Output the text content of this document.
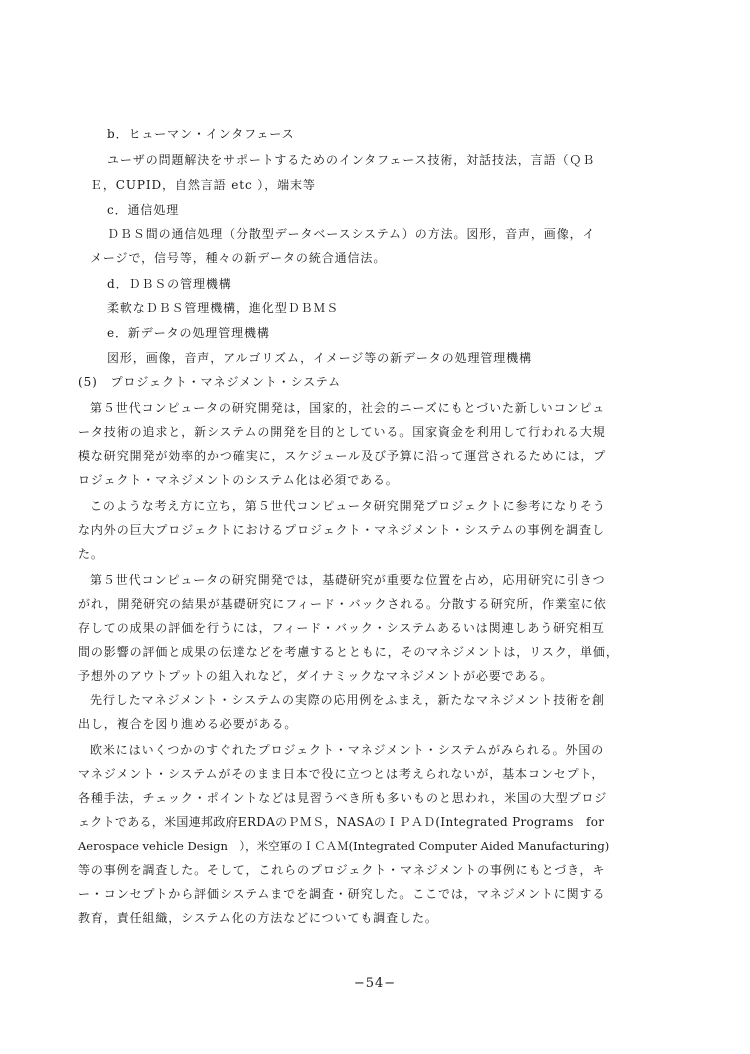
b．ヒューマン・インタフェース
ユーザの問題解決をサポートするためのインタフェース技術，対話技法，言語（ＱＢ
Ｅ，CUPID，自然言語 etc ），端末等
c．通信処理
ＤＢＳ間の通信処理（分散型データベースシステム）の方法。図形，音声，画像，イ
メージで，信号等，種々の新データの統合通信法。
d．ＤＢＳの管理機構
柔軟なＤＢＳ管理機構，進化型ＤＢＭＳ
e．新データの処理管理機構
図形，画像，音声，アルゴリズム，イメージ等の新データの処理管理機構
(5)　プロジェクト・マネジメント・システム
第５世代コンピュータの研究開発は，国家的，社会的ニーズにもとづいた新しいコンピュ
ータ技術の追求と，新システムの開発を目的としている。国家資金を利用して行われる大規
模な研究開発が効率的かつ確実に，スケジュール及び予算に沿って運営されるためには，プ
ロジェクト・マネジメントのシステム化は必須である。
このような考え方に立ち，第５世代コンピュータ研究開発プロジェクトに参考になりそう
な内外の巨大プロジェクトにおけるプロジェクト・マネジメント・システムの事例を調査し
た。
第５世代コンピュータの研究開発では，基礎研究が重要な位置を占め，応用研究に引きつ
がれ，開発研究の結果が基礎研究にフィード・バックされる。分散する研究所，作業室に依
存しての成果の評価を行うには，フィード・バック・システムあるいは関連しあう研究相互
間の影響の評価と成果の伝達などを考慮するとともに，そのマネジメントは，リスク，単価，
予想外のアウトプットの組入れなど，ダイナミックなマネジメントが必要である。
先行したマネジメント・システムの実際の応用例をふまえ，新たなマネジメント技術を創
出し，複合を図り進める必要がある。
欧米にはいくつかのすぐれたプロジェクト・マネジメント・システムがみられる。外国の
マネジメント・システムがそのまま日本で役に立つとは考えられないが，基本コンセプト，
各種手法，チェック・ポイントなどは見習うべき所も多いものと思われ，米国の大型プロジ
ェクトである，米国連邦政府ERDAのＰＭＳ，NASAのＩＰＡＤ(Integrated Programs　for
Aerospace vehicle Design　），米空軍のＩＣＡＭ(Integrated Computer Aided Manufacturing)
等の事例を調査した。そして，これらのプロジェクト・マネジメントの事例にもとづき，キ
ー・コンセプトから評価システムまでを調査・研究した。ここでは，マネジメントに関する
教育，責任組織，システム化の方法などについても調査した。
−54−
